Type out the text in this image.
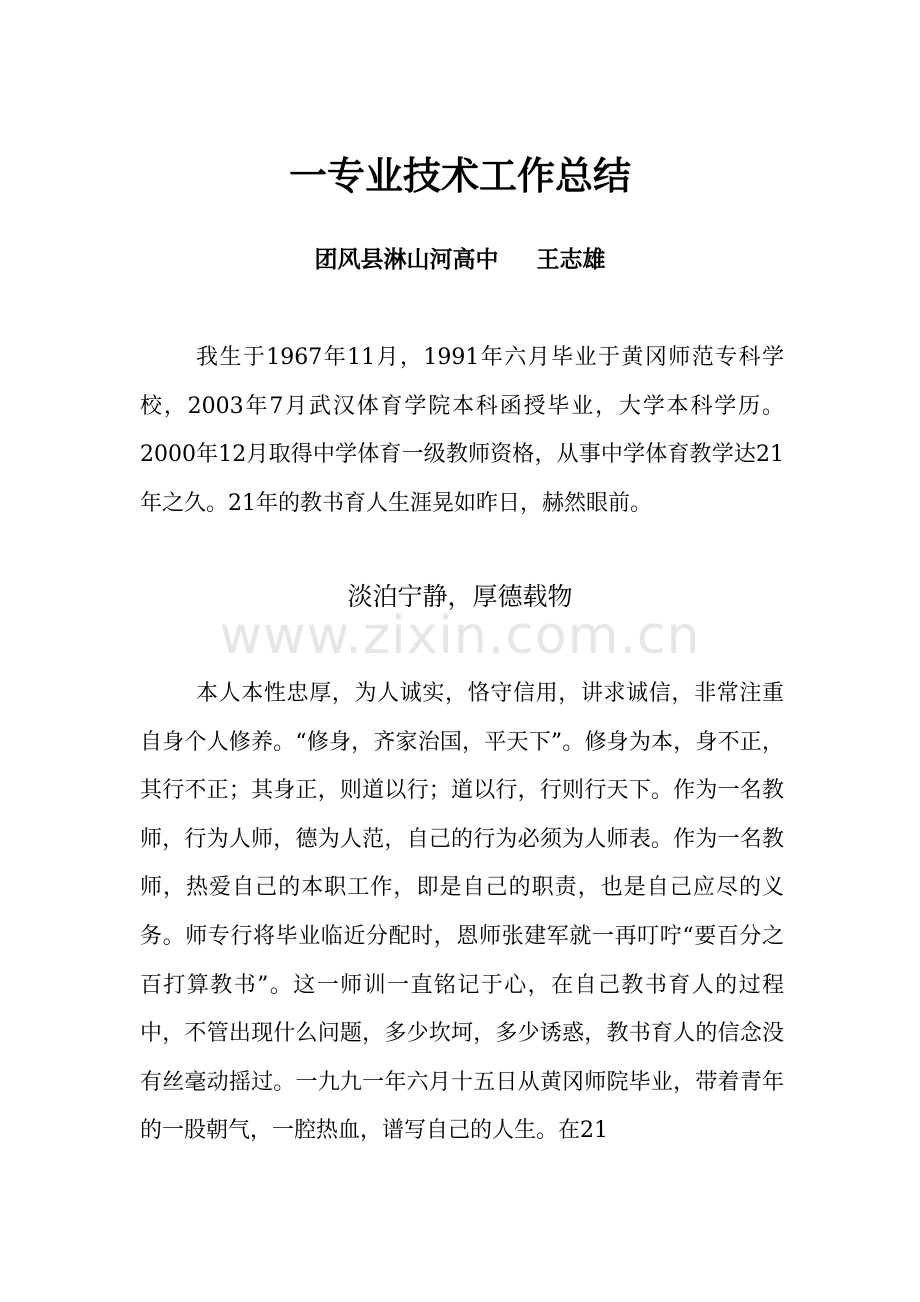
一专业技术工作总结
团风县淋山河高中 王志雄

我生于1967年11月，1991年六月毕业于黄冈师范专科学校，2003年7月武汉体育学院本科函授毕业，大学本科学历。2000年12月取得中学体育一级教师资格，从事中学体育教学达21年之久。21年的教书育人生涯晃如昨日，赫然眼前。

淡泊宁静，厚德载物
www.zixin.com.cn

本人本性忠厚，为人诚实，恪守信用，讲求诚信，非常注重自身个人修养。“修身，齐家治国，平天下”。修身为本，身不正，其行不正；其身正，则道以行；道以行，行则行天下。作为一名教师，行为人师，德为人范，自己的行为必须为人师表。作为一名教师，热爱自己的本职工作，即是自己的职责，也是自己应尽的义务。师专行将毕业临近分配时，恩师张建军就一再叮咛“要百分之百打算教书”。这一师训一直铭记于心，在自己教书育人的过程中，不管出现什么问题，多少坎坷，多少诱惑，教书育人的信念没有丝毫动摇过。一九九一年六月十五日从黄冈师院毕业，带着青年的一股朝气，一腔热血，谱写自己的人生。在21
